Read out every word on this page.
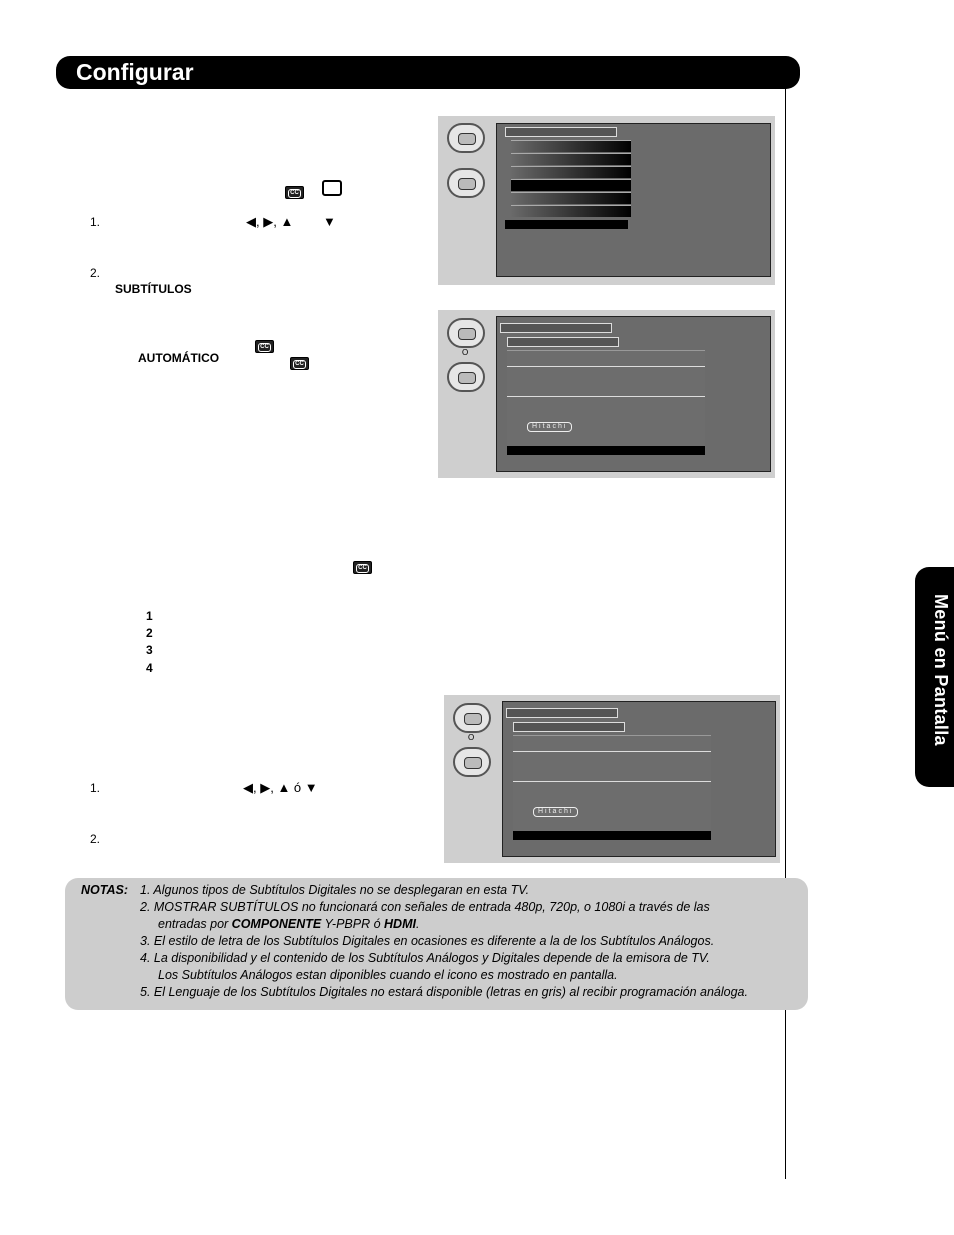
Configurar
Menú en Pantalla
CC
1.	◀, ▶, ▲ ▼
2.
SUBTÍTULOS
CC
AUTOMÁTICO	CC
O
Hitachi
CC
1
2
3
4
O
Hitachi
1.	◀, ▶, ▲ ó ▼
2.
NOTAS: 1. Algunos tipos de Subtítulos Digitales no se desplegaran en esta TV.
2. MOSTRAR SUBTÍTULOS no funcionará con señales de entrada 480p, 720p, o 1080i a través de las
entradas por COMPONENTE Y-PBPR ó HDMI.
3. El estilo de letra de los Subtítulos Digitales en ocasiones es diferente a la de los Subtítulos Análogos.
4. La disponibilidad y el contenido de los Subtítulos Análogos y Digitales depende de la emisora de TV.
Los Subtítulos Análogos estan diponibles cuando el icono es mostrado en pantalla.
5. El Lenguaje de los Subtítulos Digitales no estará disponible (letras en gris) al recibir programación análoga.
